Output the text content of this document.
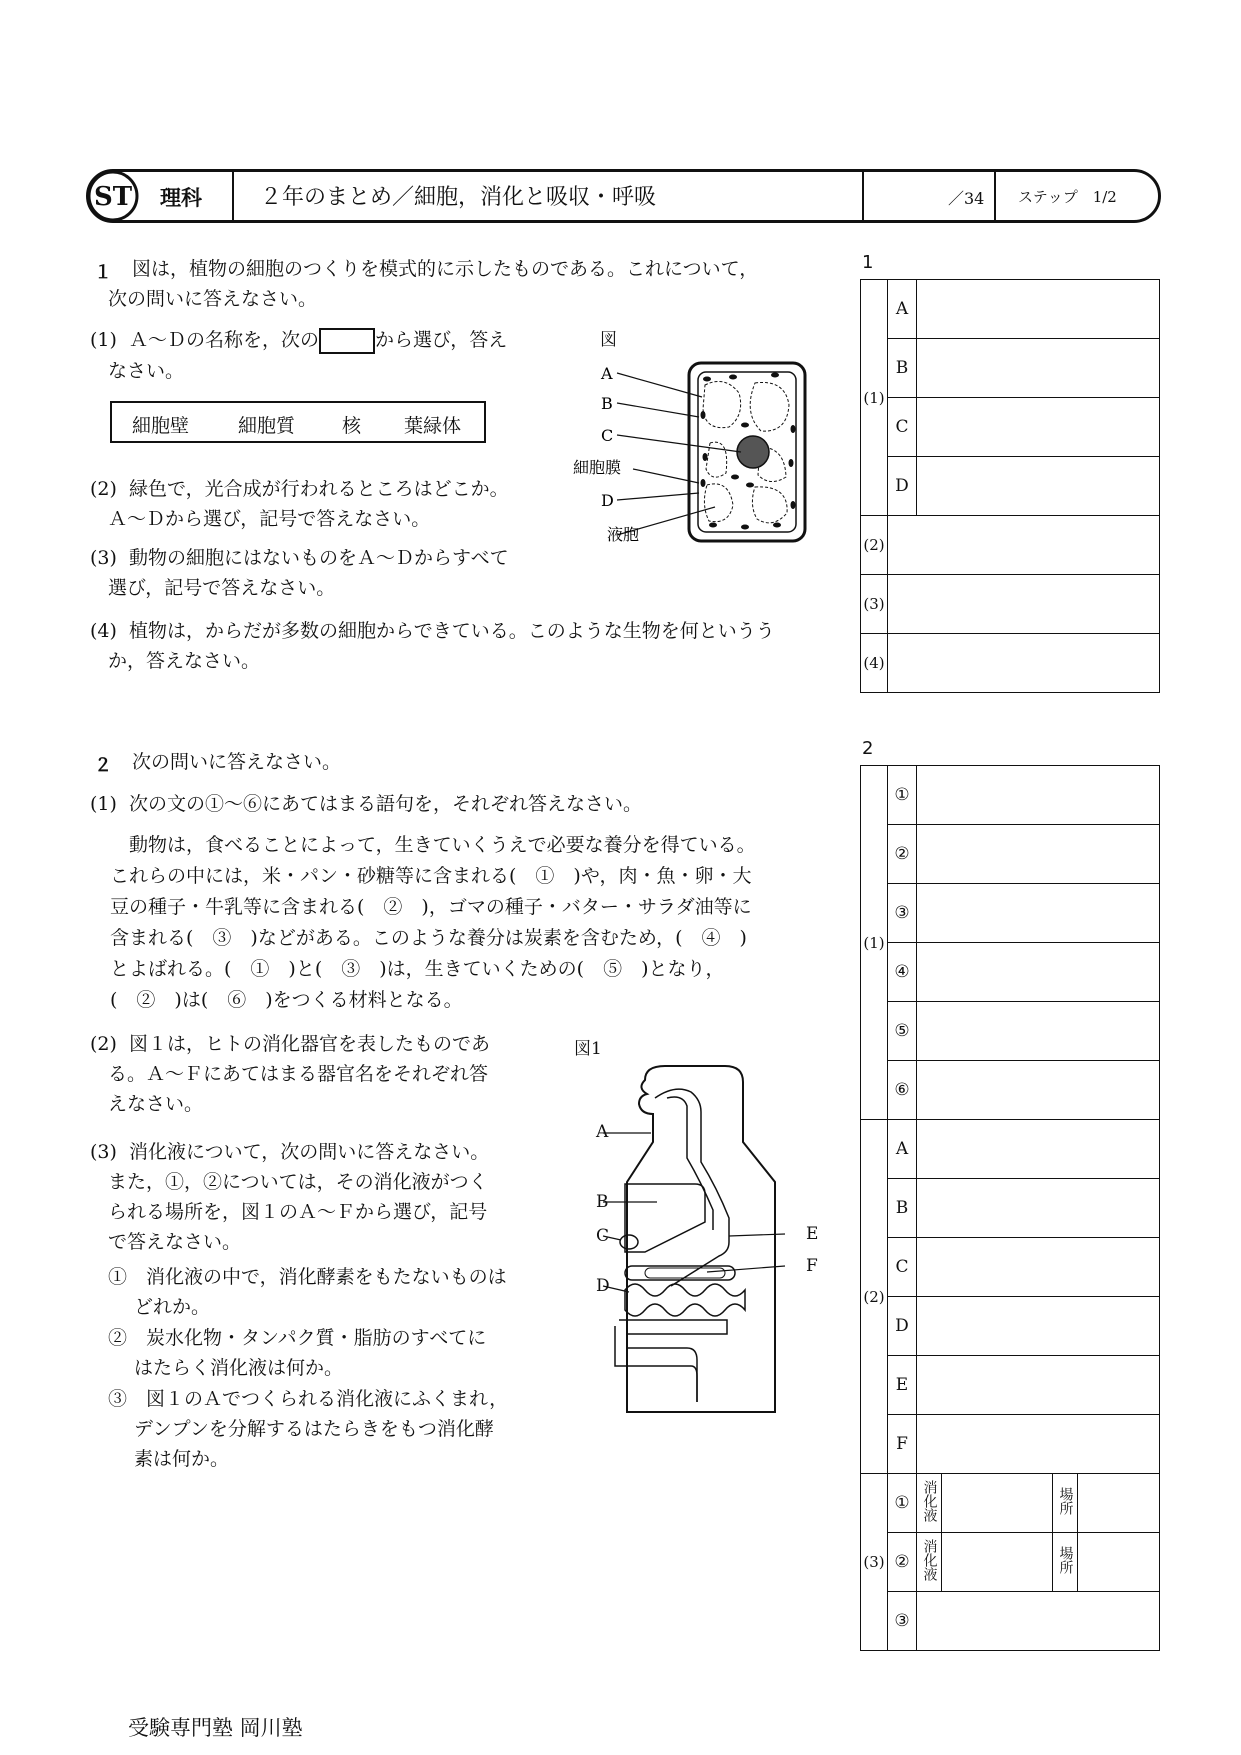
ST 理科	２年のまとめ／細胞，消化と吸収・呼吸	／34 ステップ　1/2
１ 図は，植物の細胞のつくりを模式的に示したものである。これについて，
次の問いに答えなさい。
(1)  Ａ～Ｄの名称を，次の	から選び，答え
なさい。
細胞壁	細胞質 核 葉緑体
(2)  緑色で，光合成が行われるところはどこか。
Ａ～Ｄから選び，記号で答えなさい。
(3)  動物の細胞にはないものをＡ～Ｄからすべて
選び，記号で答えなさい。
(4)  植物は，からだが多数の細胞からできている。このような生物を何というう
か，答えなさい。
図
A
B
C
細胞膜
D
液胞
２ 次の問いに答えなさい。
(1)  次の文の①～⑥にあてはまる語句を，それぞれ答えなさい。
　動物は，食べることによって，生きていくうえで必要な養分を得ている。
これらの中には，米・パン・砂糖等に含まれる(　①　)や，肉・魚・卵・大
豆の種子・牛乳等に含まれる(　②　)，ゴマの種子・バター・サラダ油等に
含まれる(　③　)などがある。このような養分は炭素を含むため，(　④　)
とよばれる。(　①　)と(　③　)は，生きていくための(　⑤　)となり，
(　②　)は(　⑥　)をつくる材料となる。
(2)  図１は，ヒトの消化器官を表したものであ
る。Ａ～Ｆにあてはまる器官名をそれぞれ答
えなさい。
(3)  消化液について，次の問いに答えなさい。
また，①，②については，その消化液がつく
られる場所を，図１のＡ～Ｆから選び，記号
で答えなさい。
①　消化液の中で，消化酵素をもたないものは
どれか。
②　炭水化物・タンパク質・脂肪のすべてに
はたらく消化液は何か。
③　図１のＡでつくられる消化液にふくまれ，
デンプンを分解するはたらきをもつ消化酵
素は何か。
図1
A
B
C
D
E
F
1
(1)	A	
	B	
	C	
	D	
(2)		
(3)		
(4)		
2
(1)	①				
	②				
	③				
	④				
	⑤				
	⑥				
(2)	A				
	B				
	C				
	D				
	E				
	F				
(3)	①	消化液		場所	
	②	消化液		場所	
	③				
受験専門塾 岡川塾
